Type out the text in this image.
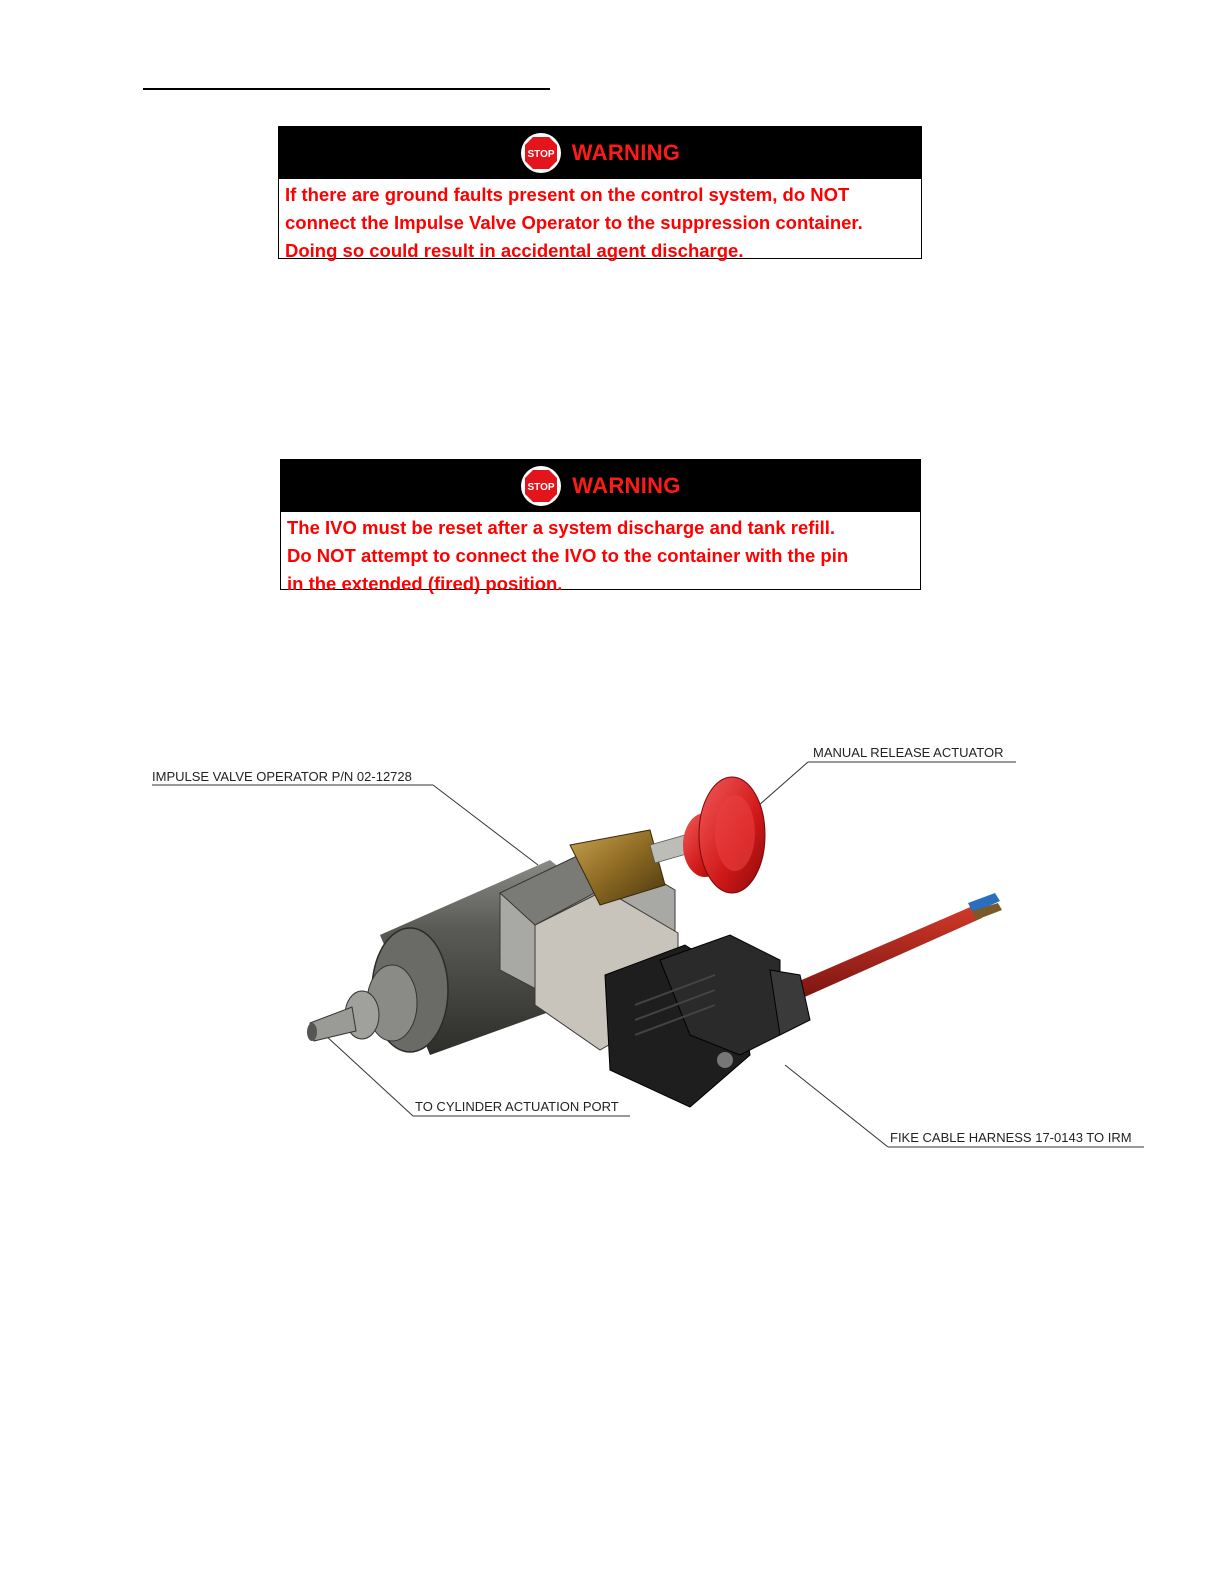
STOP WARNING
If there are ground faults present on the control system, do NOT
connect the Impulse Valve Operator to the suppression container.
Doing so could result in accidental agent discharge.
STOP WARNING
The IVO must be reset after a system discharge and tank refill.
Do NOT attempt to connect the IVO to the container with the pin
in the extended (fired) position.
IMPULSE VALVE OPERATOR P/N 02-12728
MANUAL RELEASE ACTUATOR
TO CYLINDER ACTUATION PORT
FIKE CABLE HARNESS 17-0143 TO IRM
